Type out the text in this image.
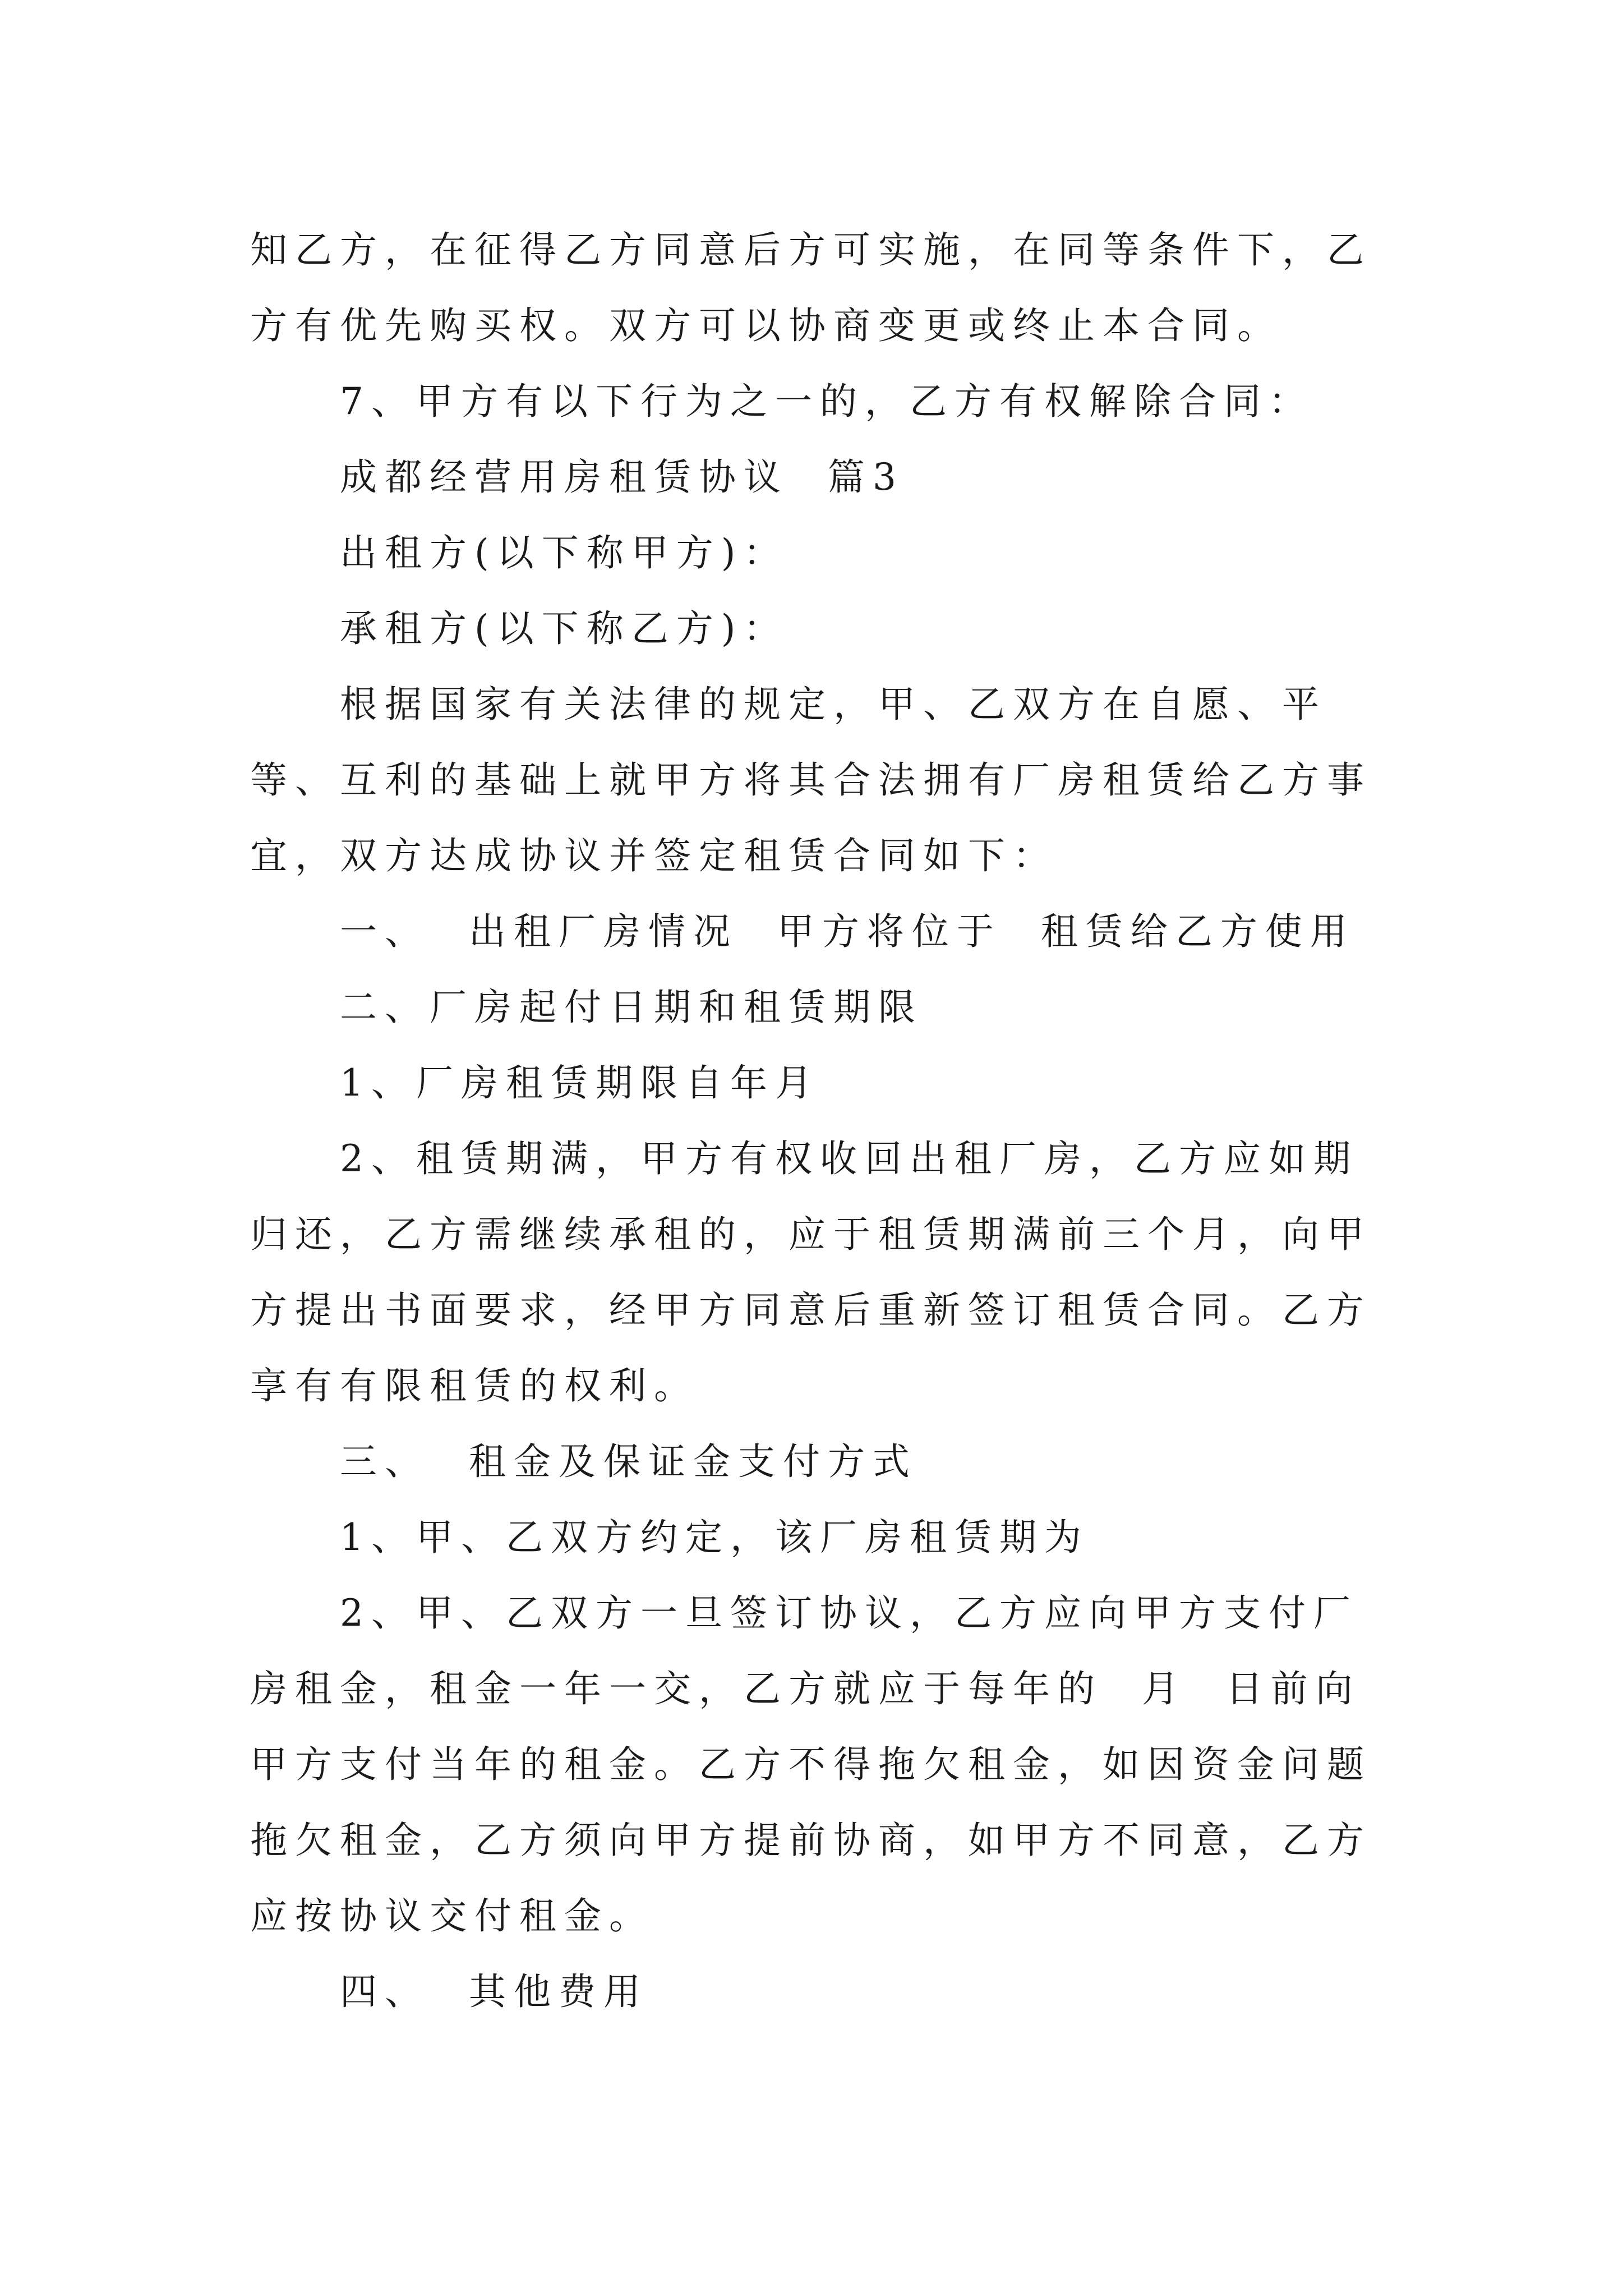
知乙方，在征得乙方同意后方可实施，在同等条件下，乙方有优先购买权。双方可以协商变更或终止本合同。

7、甲方有以下行为之一的，乙方有权解除合同：

成都经营用房租赁协议  篇3

出租方(以下称甲方)：

承租方(以下称乙方)：

根据国家有关法律的规定，甲、乙双方在自愿、平等、互利的基础上就甲方将其合法拥有厂房租赁给乙方事宜，双方达成协议并签定租赁合同如下：

一、  出租厂房情况  甲方将位于  租赁给乙方使用

二、厂房起付日期和租赁期限

1、厂房租赁期限自年月

2、租赁期满，甲方有权收回出租厂房，乙方应如期归还，乙方需继续承租的，应于租赁期满前三个月，向甲方提出书面要求，经甲方同意后重新签订租赁合同。乙方享有有限租赁的权利。

三、  租金及保证金支付方式

1、甲、乙双方约定，该厂房租赁期为

2、甲、乙双方一旦签订协议，乙方应向甲方支付厂房租金，租金一年一交，乙方就应于每年的  月  日前向甲方支付当年的租金。乙方不得拖欠租金，如因资金问题拖欠租金，乙方须向甲方提前协商，如甲方不同意，乙方应按协议交付租金。

四、  其他费用
